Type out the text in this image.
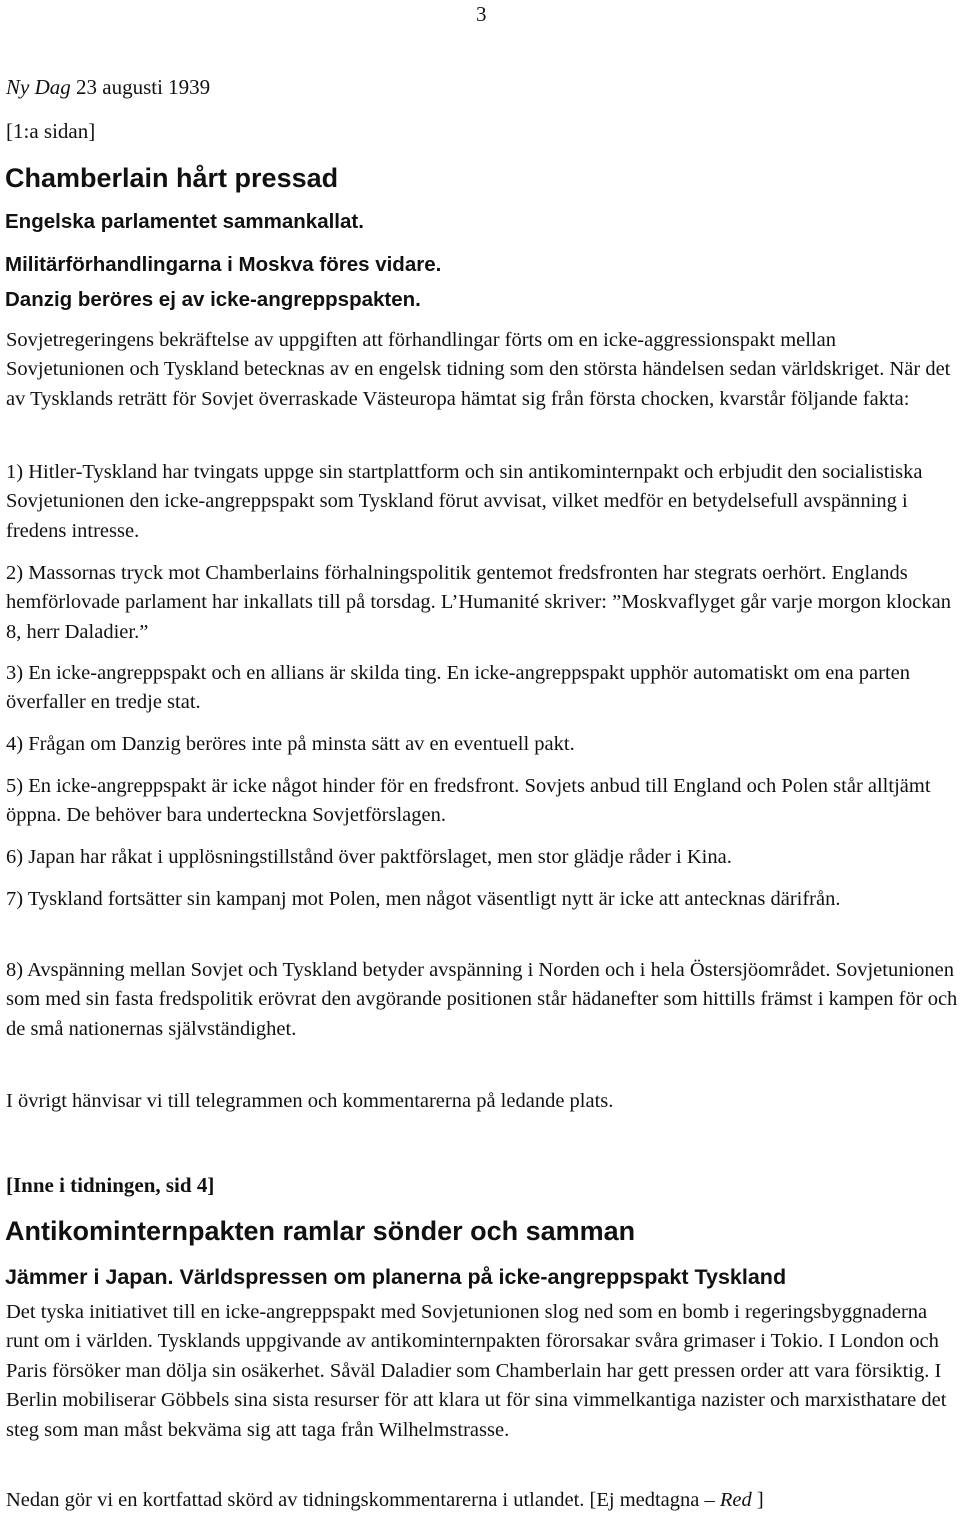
3
Ny Dag 23 augusti 1939
[1:a sidan]
Chamberlain hårt pressad
Engelska parlamentet sammankallat.
Militärförhandlingarna i Moskva föres vidare.
Danzig beröres ej av icke-angreppspakten.

Sovjetregeringens bekräftelse av uppgiften att förhandlingar förts om en icke-aggressionspakt mellan Sovjetunionen och Tyskland betecknas av en engelsk tidning som den största händelsen sedan världskriget. När det av Tysklands reträtt för Sovjet överraskade Västeuropa hämtat sig från första chocken, kvarstår följande fakta:

1) Hitler-Tyskland har tvingats uppge sin startplattform och sin antikominternpakt och erbjudit den socialistiska Sovjetunionen den icke-angreppspakt som Tyskland förut avvisat, vilket medför en betydelsefull avspänning i fredens intresse.

2) Massornas tryck mot Chamberlains förhalningspolitik gentemot fredsfronten har stegrats oerhört. Englands hemförlovade parlament har inkallats till på torsdag. L’Humanité skriver: ”Moskvaflyget går varje morgon klockan 8, herr Daladier.”

3) En icke-angreppspakt och en allians är skilda ting. En icke-angreppspakt upphör automatiskt om ena parten överfaller en tredje stat.

4) Frågan om Danzig beröres inte på minsta sätt av en eventuell pakt.

5) En icke-angreppspakt är icke något hinder för en fredsfront. Sovjets anbud till England och Polen står alltjämt öppna. De behöver bara underteckna Sovjetförslagen.

6) Japan har råkat i upplösningstillstånd över paktförslaget, men stor glädje råder i Kina.

7) Tyskland fortsätter sin kampanj mot Polen, men något väsentligt nytt är icke att antecknas därifrån.

8) Avspänning mellan Sovjet och Tyskland betyder avspänning i Norden och i hela Östersjöområdet. Sovjetunionen som med sin fasta fredspolitik erövrat den avgörande positionen står hädanefter som hittills främst i kampen för och de små nationernas självständighet.

I övrigt hänvisar vi till telegrammen och kommentarerna på ledande plats.

[Inne i tidningen, sid 4]
Antikominternpakten ramlar sönder och samman
Jämmer i Japan. Världspressen om planerna på icke-angreppspakt Tyskland

Det tyska initiativet till en icke-angreppspakt med Sovjetunionen slog ned som en bomb i regeringsbyggnaderna runt om i världen. Tysklands uppgivande av antikominternpakten förorsakar svåra grimaser i Tokio. I London och Paris försöker man dölja sin osäkerhet. Såväl Daladier som Chamberlain har gett pressen order att vara försiktig. I Berlin mobiliserar Göbbels sina sista resurser för att klara ut för sina vimmelkantiga nazister och marxisthatare det steg som man måst bekväma sig att taga från Wilhelmstrasse.

Nedan gör vi en kortfattad skörd av tidningskommentarerna i utlandet. [Ej medtagna – Red ]
